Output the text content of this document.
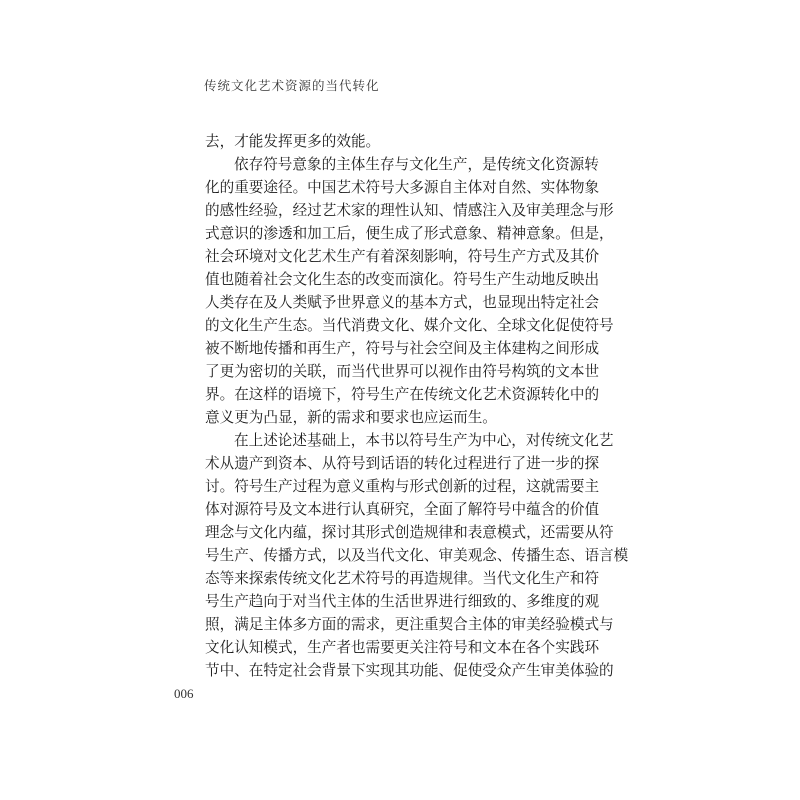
传统文化艺术资源的当代转化
去，才能发挥更多的效能。
依存符号意象的主体生存与文化生产，是传统文化资源转
化的重要途径。中国艺术符号大多源自主体对自然、实体物象
的感性经验，经过艺术家的理性认知、情感注入及审美理念与形
式意识的渗透和加工后，便生成了形式意象、精神意象。但是，
社会环境对文化艺术生产有着深刻影响，符号生产方式及其价
值也随着社会文化生态的改变而演化。符号生产生动地反映出
人类存在及人类赋予世界意义的基本方式，也显现出特定社会
的文化生产生态。当代消费文化、媒介文化、全球文化促使符号
被不断地传播和再生产，符号与社会空间及主体建构之间形成
了更为密切的关联，而当代世界可以视作由符号构筑的文本世
界。在这样的语境下，符号生产在传统文化艺术资源转化中的
意义更为凸显，新的需求和要求也应运而生。
在上述论述基础上，本书以符号生产为中心，对传统文化艺
术从遗产到资本、从符号到话语的转化过程进行了进一步的探
讨。符号生产过程为意义重构与形式创新的过程，这就需要主
体对源符号及文本进行认真研究，全面了解符号中蕴含的价值
理念与文化内蕴，探讨其形式创造规律和表意模式，还需要从符
号生产、传播方式，以及当代文化、审美观念、传播生态、语言模
态等来探索传统文化艺术符号的再造规律。当代文化生产和符
号生产趋向于对当代主体的生活世界进行细致的、多维度的观
照，满足主体多方面的需求，更注重契合主体的审美经验模式与
文化认知模式，生产者也需要更关注符号和文本在各个实践环
节中、在特定社会背景下实现其功能、促使受众产生审美体验的
006
